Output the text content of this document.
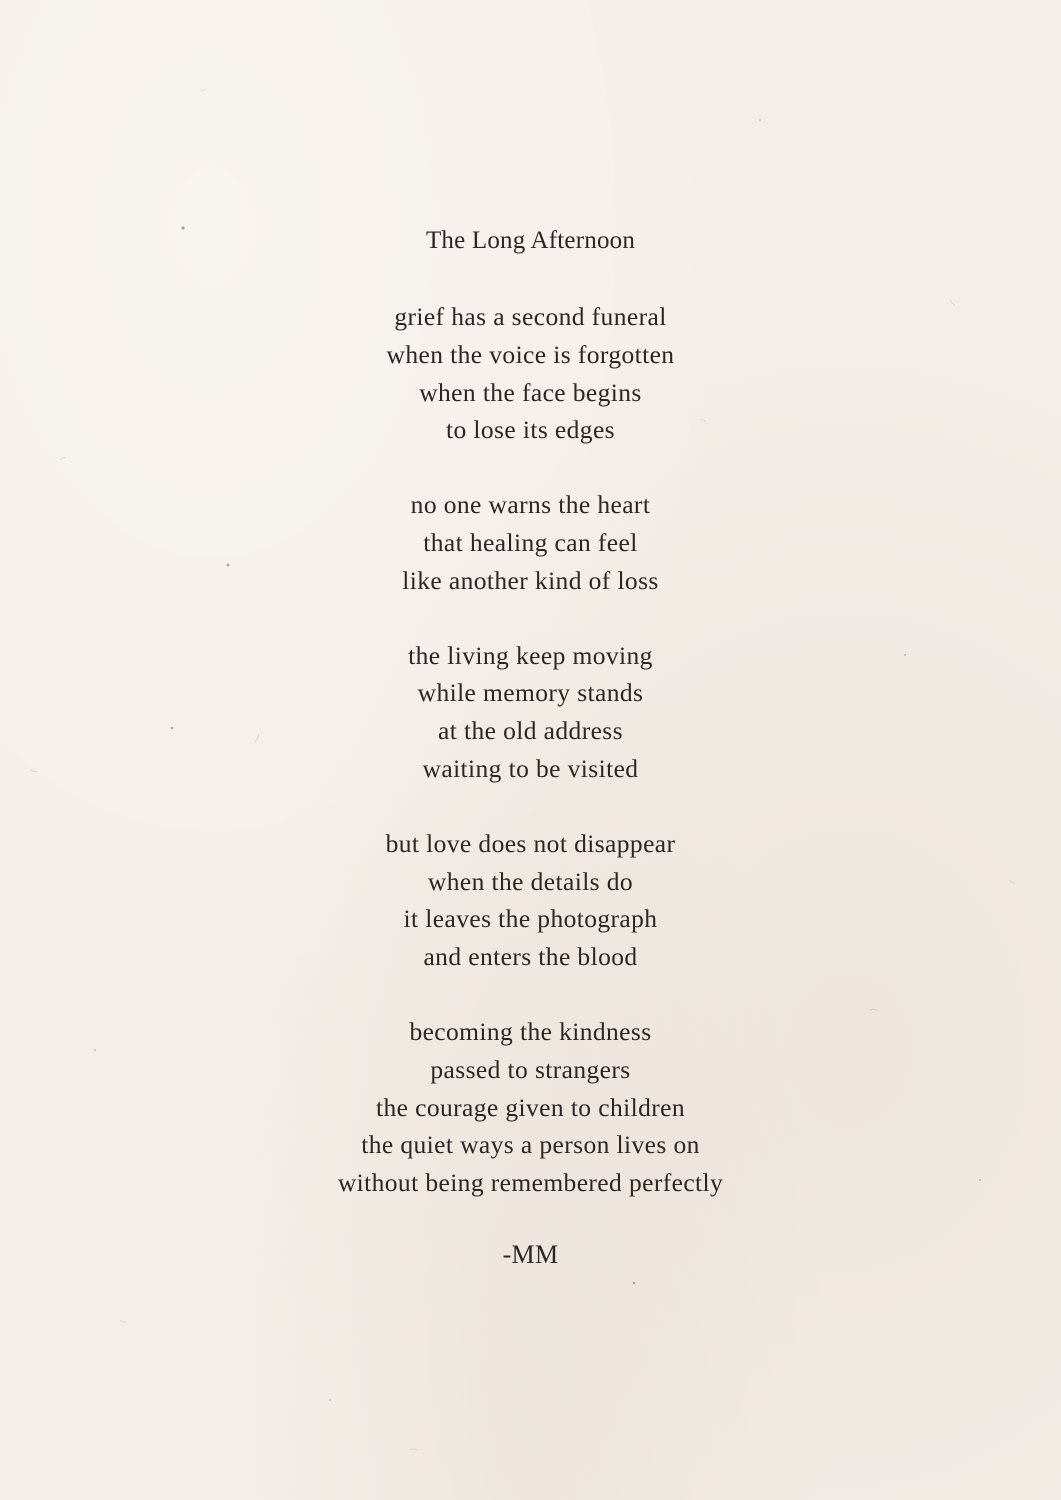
The Long Afternoon
grief has a second funeral
when the voice is forgotten
when the face begins
to lose its edges
no one warns the heart
that healing can feel
like another kind of loss
the living keep moving
while memory stands
at the old address
waiting to be visited
but love does not disappear
when the details do
it leaves the photograph
and enters the blood
becoming the kindness
passed to strangers
the courage given to children
the quiet ways a person lives on
without being remembered perfectly
-MM
